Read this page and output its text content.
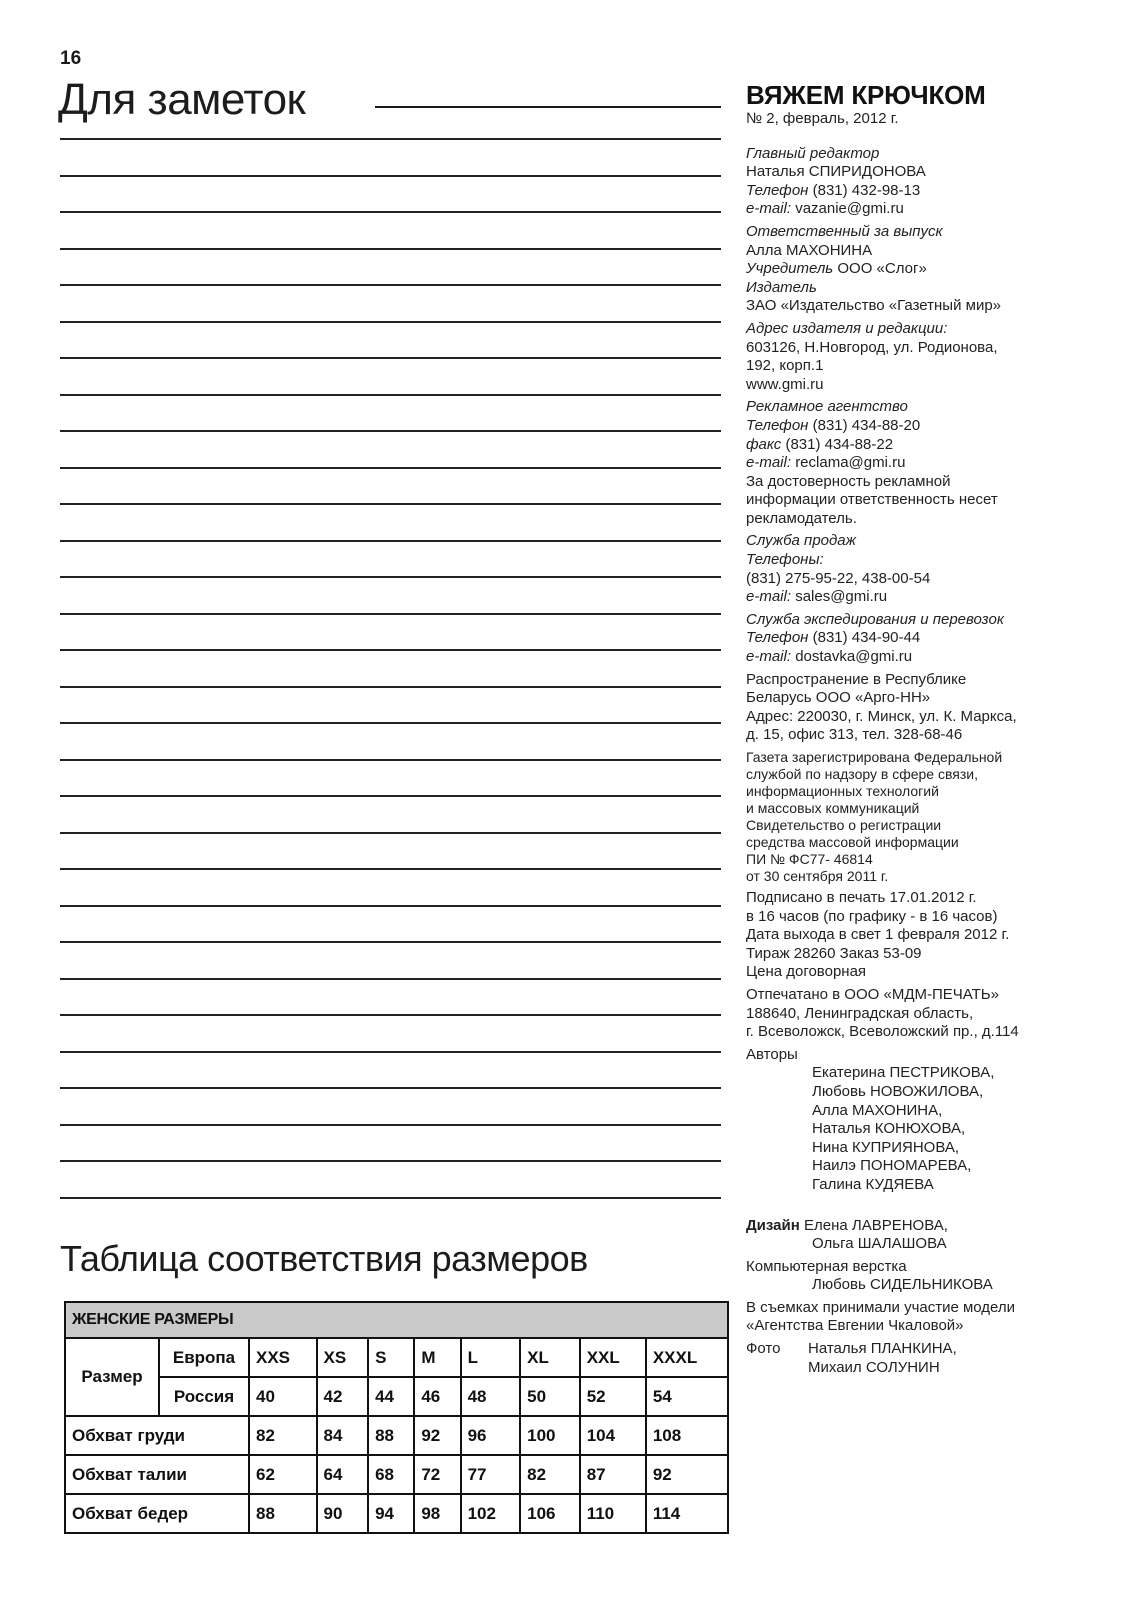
16
Для заметок
Таблица соответствия размеров
ЖЕНСКИЕ РАЗМЕРЫ									
Размер	Европа	XXS	XS	S	M	L	XL	XXL	XXXL
	Россия	40	42	44	46	48	50	52	54
Обхват груди		82	84	88	92	96	100	104	108
Обхват талии		62	64	68	72	77	82	87	92
Обхват бедер		88	90	94	98	102	106	110	114
ВЯЖЕМ КРЮЧКОМ
№ 2, февраль, 2012 г.
Главный редактор
Наталья СПИРИДОНОВА
Телефон (831) 432-98-13
e-mail: vazanie@gmi.ru
Ответственный за выпуск
Алла МАХОНИНА
Учредитель ООО «Слог»
Издатель
ЗАО «Издательство «Газетный мир»
Адрес издателя и редакции:
603126, Н.Новгород, ул. Родионова,
192, корп.1
www.gmi.ru
Рекламное агентство
Телефон (831) 434-88-20
факс (831) 434-88-22
e-mail: reclama@gmi.ru
За достоверность рекламной
информации ответственность несет
рекламодатель.
Служба продаж
Телефоны:
(831) 275-95-22, 438-00-54
e-mail: sales@gmi.ru
Служба экспедирования и перевозок
Телефон (831) 434-90-44
e-mail: dostavka@gmi.ru
Распространение в Республике
Беларусь ООО «Арго-НН»
Адрес: 220030, г. Минск, ул. К. Маркса,
д. 15, офис 313, тел. 328-68-46
Газета зарегистрирована Федеральной
службой по надзору в сфере связи,
информационных технологий
и массовых коммуникаций
Свидетельство о регистрации
средства массовой информации
ПИ № ФС77- 46814
от 30 сентября 2011 г.
Подписано в печать 17.01.2012 г.
в 16 часов (по графику - в 16 часов)
Дата выхода в свет 1 февраля 2012 г.
Тираж 28260 Заказ 53-09
Цена договорная
Отпечатано в ООО «МДМ-ПЕЧАТЬ»
188640, Ленинградская область,
г. Всеволожск, Всеволожский пр., д.114
Авторы
Екатерина ПЕСТРИКОВА,
Любовь НОВОЖИЛОВА,
Алла МАХОНИНА,
Наталья КОНЮХОВА,
Нина КУПРИЯНОВА,
Наилэ ПОНОМАРЕВА,
Галина КУДЯЕВА
Дизайн Елена ЛАВРЕНОВА,
Ольга ШАЛАШОВА
Компьютерная верстка
Любовь СИДЕЛЬНИКОВА
В съемках принимали участие модели
«Агентства Евгении Чкаловой»
Фото	Наталья ПЛАНКИНА,
Михаил СОЛУНИН
